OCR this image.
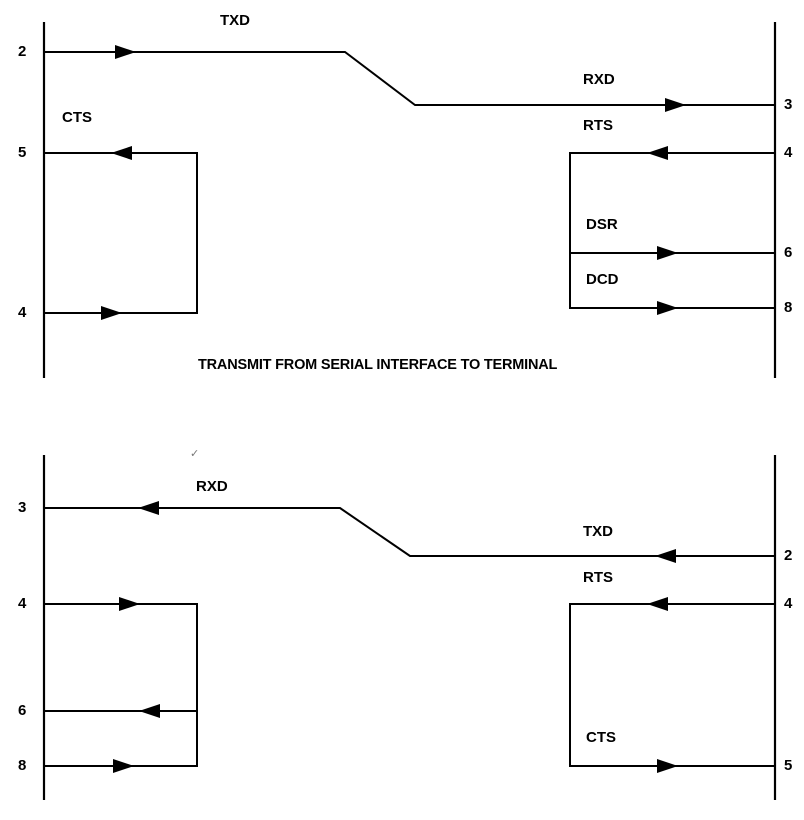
2
5
4
3
4
6
8
TXD
CTS
RXD
RTS
DSR
DCD
TRANSMIT FROM SERIAL INTERFACE TO TERMINAL
3
4
6
8
2
4
5
RXD
TXD
RTS
CTS
✓
